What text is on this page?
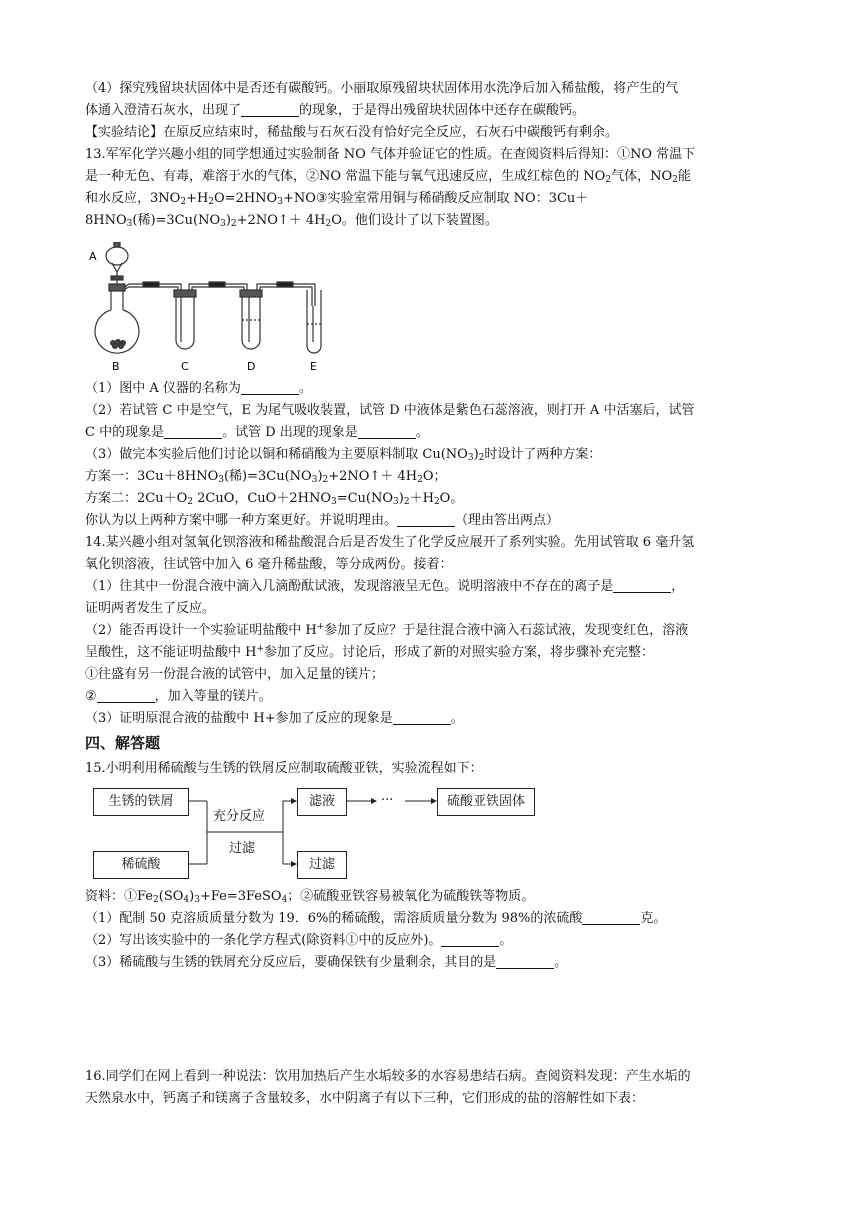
（4）探究残留块状固体中是否还有碳酸钙。小丽取原残留块状固体用水洗净后加入稀盐酸，将产生的气

体通入澄清石灰水，出现了	的现象，于是得出残留块状固体中还存在碳酸钙。

【实验结论】在原反应结束时，稀盐酸与石灰石没有恰好完全反应，石灰石中碳酸钙有剩余。

13.军军化学兴趣小组的同学想通过实验制备 NO 气体并验证它的性质。在查阅资料后得知：①NO 常温下

是一种无色、有毒，难溶于水的气体，②NO 常温下能与氧气迅速反应，生成红棕色的 $NO_2$气体，$NO_2$能

和水反应，$3NO_2+H_2O=2HNO_3+NO③$实验室常用铜与稀硝酸反应制取 NO：3Cu＋

$8HNO_3$(稀)$=3Cu(NO_3)_2+2NO↑+ 4H_2O$。他们设计了以下装置图。

A
B	C	D	E

（1）图中 A 仪器的名称为	。

（2）若试管 C 中是空气，E 为尾气吸收装置，试管 D 中液体是紫色石蕊溶液，则打开 A 中活塞后，试管

C 中的现象是	。试管 D 出现的现象是	。

（3）做完本实验后他们讨论以铜和稀硝酸为主要原料制取 $Cu(NO_3)_2$时设计了两种方案：

方案一：$3Cu+8HNO_3$(稀)$=3Cu(NO_3)_2+2NO↑+ 4H_2O$；

方案二：$2Cu+O_2$ 2CuO，$CuO+2HNO_3=Cu(NO_3)_2+H_2O$。

你认为以上两种方案中哪一种方案更好。并说明理由。	（理由答出两点）

14.某兴趣小组对氢氧化钡溶液和稀盐酸混合后是否发生了化学反应展开了系列实验。先用试管取 6 毫升氢

氧化钡溶液，往试管中加入 6 毫升稀盐酸，等分成两份。接着：

（1）往其中一份混合液中滴入几滴酚酞试液，发现溶液呈无色。说明溶液中不存在的离子是	，

证明两者发生了反应。

（2）能否再设计一个实验证明盐酸中 H+参加了反应？于是往混合液中滴入石蕊试液，发现变红色，溶液

呈酸性，这不能证明盐酸中 H+参加了反应。讨论后，形成了新的对照实验方案，将步骤补充完整：

①往盛有另一份混合液的试管中，加入足量的镁片；

②	，加入等量的镁片。

（3）证明原混合液的盐酸中 H+参加了反应的现象是	。

四、解答题

15.小明利用稀硫酸与生锈的铁屑反应制取硫酸亚铁，实验流程如下：

生锈的铁屑
稀硫酸
充分反应
过滤
滤液	···	硫酸亚铁固体
过滤

资料：$①Fe_2(SO_4)_3+Fe=3FeSO_4$；②硫酸亚铁容易被氧化为硫酸铁等物质。

（1）配制 50 克溶质质量分数为 19．6%的稀硫酸，需溶质质量分数为 98%的浓硫酸	克。

（2）写出该实验中的一条化学方程式(除资料①中的反应外)。	。

（3）稀硫酸与生锈的铁屑充分反应后，要确保铁有少量剩余，其目的是	。

16.同学们在网上看到一种说法：饮用加热后产生水垢较多的水容易患结石病。查阅资料发现：产生水垢的

天然泉水中，钙离子和镁离子含量较多，水中阴离子有以下三种，它们形成的盐的溶解性如下表：
